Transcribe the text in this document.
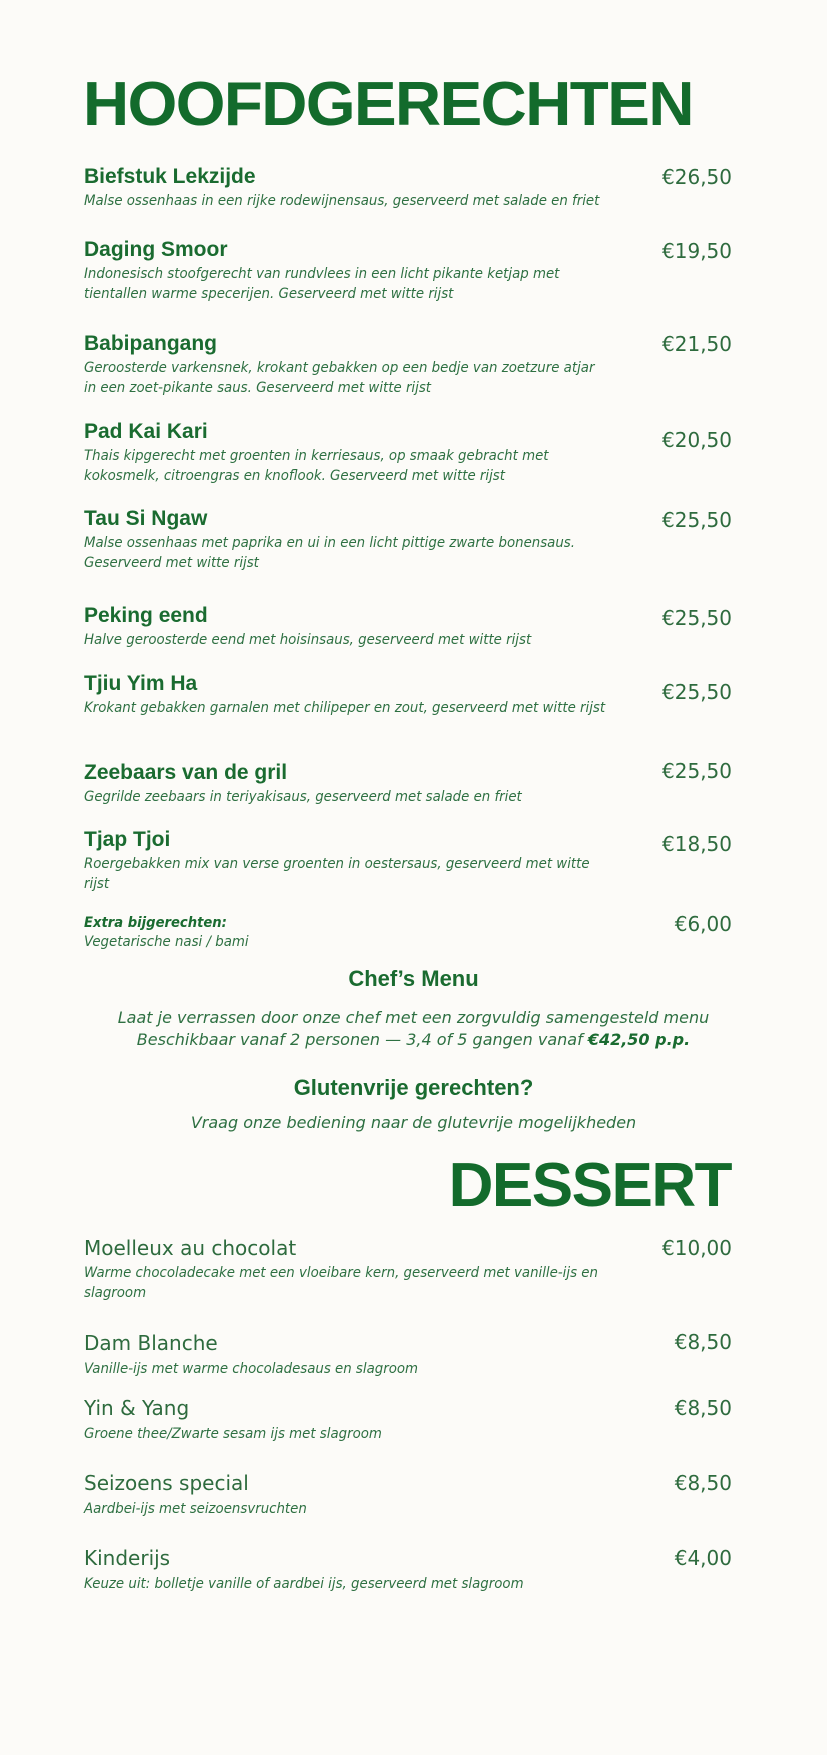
HOOFDGERECHTEN
Biefstuk Lekzijde	€26,50
Malse ossenhaas in een rijke rodewijnensaus, geserveerd met salade en friet
Daging Smoor	€19,50
Indonesisch stoofgerecht van rundvlees in een licht pikante ketjap met tientallen warme specerijen. Geserveerd met witte rijst
Babipangang	€21,50
Geroosterde varkensnek, krokant gebakken op een bedje van zoetzure atjar in een zoet-pikante saus. Geserveerd met witte rijst
Pad Kai Kari	€20,50
Thais kipgerecht met groenten in kerriesaus, op smaak gebracht met kokosmelk, citroengras en knoflook. Geserveerd met witte rijst
Tau Si Ngaw	€25,50
Malse ossenhaas met paprika en ui in een licht pittige zwarte bonensaus. Geserveerd met witte rijst
Peking eend	€25,50
Halve geroosterde eend met hoisinsaus, geserveerd met witte rijst
Tjiu Yim Ha	€25,50
Krokant gebakken garnalen met chilipeper en zout, geserveerd met witte rijst
Zeebaars van de gril	€25,50
Gegrilde zeebaars in teriyakisaus, geserveerd met salade en friet
Tjap Tjoi	€18,50
Roergebakken mix van verse groenten in oestersaus, geserveerd met witte rijst
Extra bijgerechten:	€6,00
Vegetarische nasi / bami
Chef’s Menu
Laat je verrassen door onze chef met een zorgvuldig samengesteld menu
Beschikbaar vanaf 2 personen — 3,4 of 5 gangen vanaf €42,50 p.p.
Glutenvrije gerechten?
Vraag onze bediening naar de glutevrije mogelijkheden
DESSERT
Moelleux au chocolat	€10,00
Warme chocoladecake met een vloeibare kern, geserveerd met vanille-ijs en slagroom
Dam Blanche	€8,50
Vanille-ijs met warme chocoladesaus en slagroom
Yin & Yang	€8,50
Groene thee/Zwarte sesam ijs met slagroom
Seizoens special	€8,50
Aardbei-ijs met seizoensvruchten
Kinderijs	€4,00
Keuze uit: bolletje vanille of aardbei ijs, geserveerd met slagroom
